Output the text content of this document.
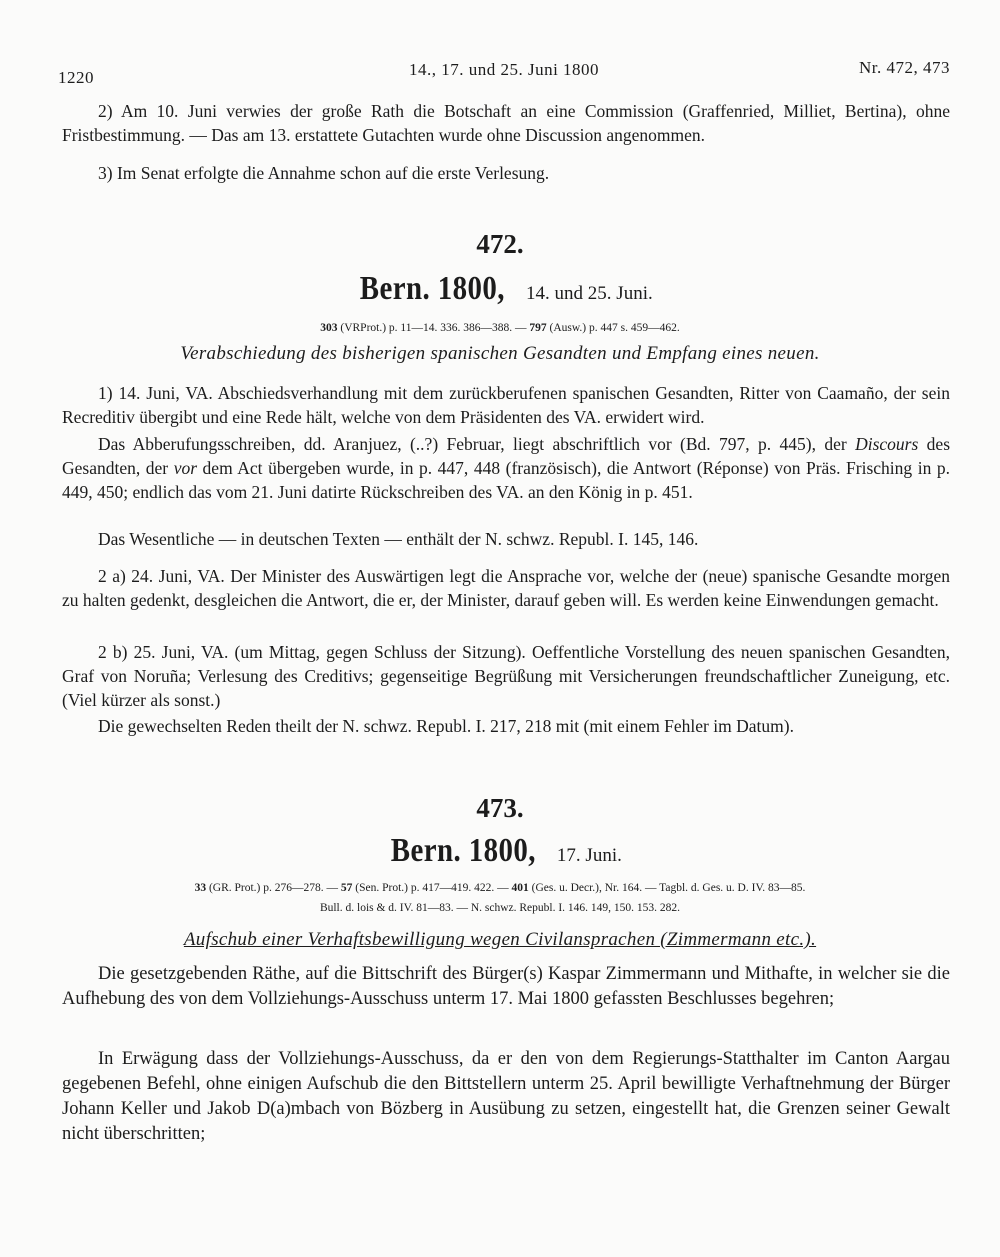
1220	14., 17. und 25. Juni 1800	Nr. 472, 473

2) Am 10. Juni verwies der große Rath die Botschaft an eine Commission (Graffenried, Milliet, Bertina), ohne Fristbestimmung. — Das am 13. erstattete Gutachten wurde ohne Discussion angenommen.

3) Im Senat erfolgte die Annahme schon auf die erste Verlesung.

472.
Bern. 1800, 14. und 25. Juni.
303 (VRProt.) p. 11—14. 336. 386—388. — 797 (Ausw.) p. 447 s. 459—462.
Verabschiedung des bisherigen spanischen Gesandten und Empfang eines neuen.

1) 14. Juni, VA. Abschiedsverhandlung mit dem zurückberufenen spanischen Gesandten, Ritter von Caamaño, der sein Recreditiv übergibt und eine Rede hält, welche von dem Präsidenten des VA. erwidert wird.

Das Abberufungsschreiben, dd. Aranjuez, (..?) Februar, liegt abschriftlich vor (Bd. 797, p. 445), der Discours des Gesandten, der vor dem Act übergeben wurde, in p. 447, 448 (französisch), die Antwort (Réponse) von Präs. Frisching in p. 449, 450; endlich das vom 21. Juni datirte Rückschreiben des VA. an den König in p. 451.

Das Wesentliche — in deutschen Texten — enthält der N. schwz. Republ. I. 145, 146.

2 a) 24. Juni, VA. Der Minister des Auswärtigen legt die Ansprache vor, welche der (neue) spanische Gesandte morgen zu halten gedenkt, desgleichen die Antwort, die er, der Minister, darauf geben will. Es werden keine Einwendungen gemacht.

2 b) 25. Juni, VA. (um Mittag, gegen Schluss der Sitzung). Oeffentliche Vorstellung des neuen spanischen Gesandten, Graf von Noruña; Verlesung des Creditivs; gegenseitige Begrüßung mit Versicherungen freundschaftlicher Zuneigung, etc. (Viel kürzer als sonst.)

Die gewechselten Reden theilt der N. schwz. Republ. I. 217, 218 mit (mit einem Fehler im Datum).

473.
Bern. 1800, 17. Juni.
33 (GR. Prot.) p. 276—278. — 57 (Sen. Prot.) p. 417—419. 422. — 401 (Ges. u. Decr.), Nr. 164. — Tagbl. d. Ges. u. D. IV. 83—85.
Bull. d. lois & d. IV. 81—83. — N. schwz. Republ. I. 146. 149, 150. 153. 282.
Aufschub einer Verhaftsbewilligung wegen Civilansprachen (Zimmermann etc.).

Die gesetzgebenden Räthe, auf die Bittschrift des Bürger(s) Kaspar Zimmermann und Mithafte, in welcher sie die Aufhebung des von dem Vollziehungs-Ausschuss unterm 17. Mai 1800 gefassten Beschlusses begehren;

In Erwägung dass der Vollziehungs-Ausschuss, da er den von dem Regierungs-Statthalter im Canton Aargau gegebenen Befehl, ohne einigen Aufschub die den Bittstellern unterm 25. April bewilligte Verhaftnehmung der Bürger Johann Keller und Jakob D(a)mbach von Bözberg in Ausübung zu setzen, eingestellt hat, die Grenzen seiner Gewalt nicht überschritten;
